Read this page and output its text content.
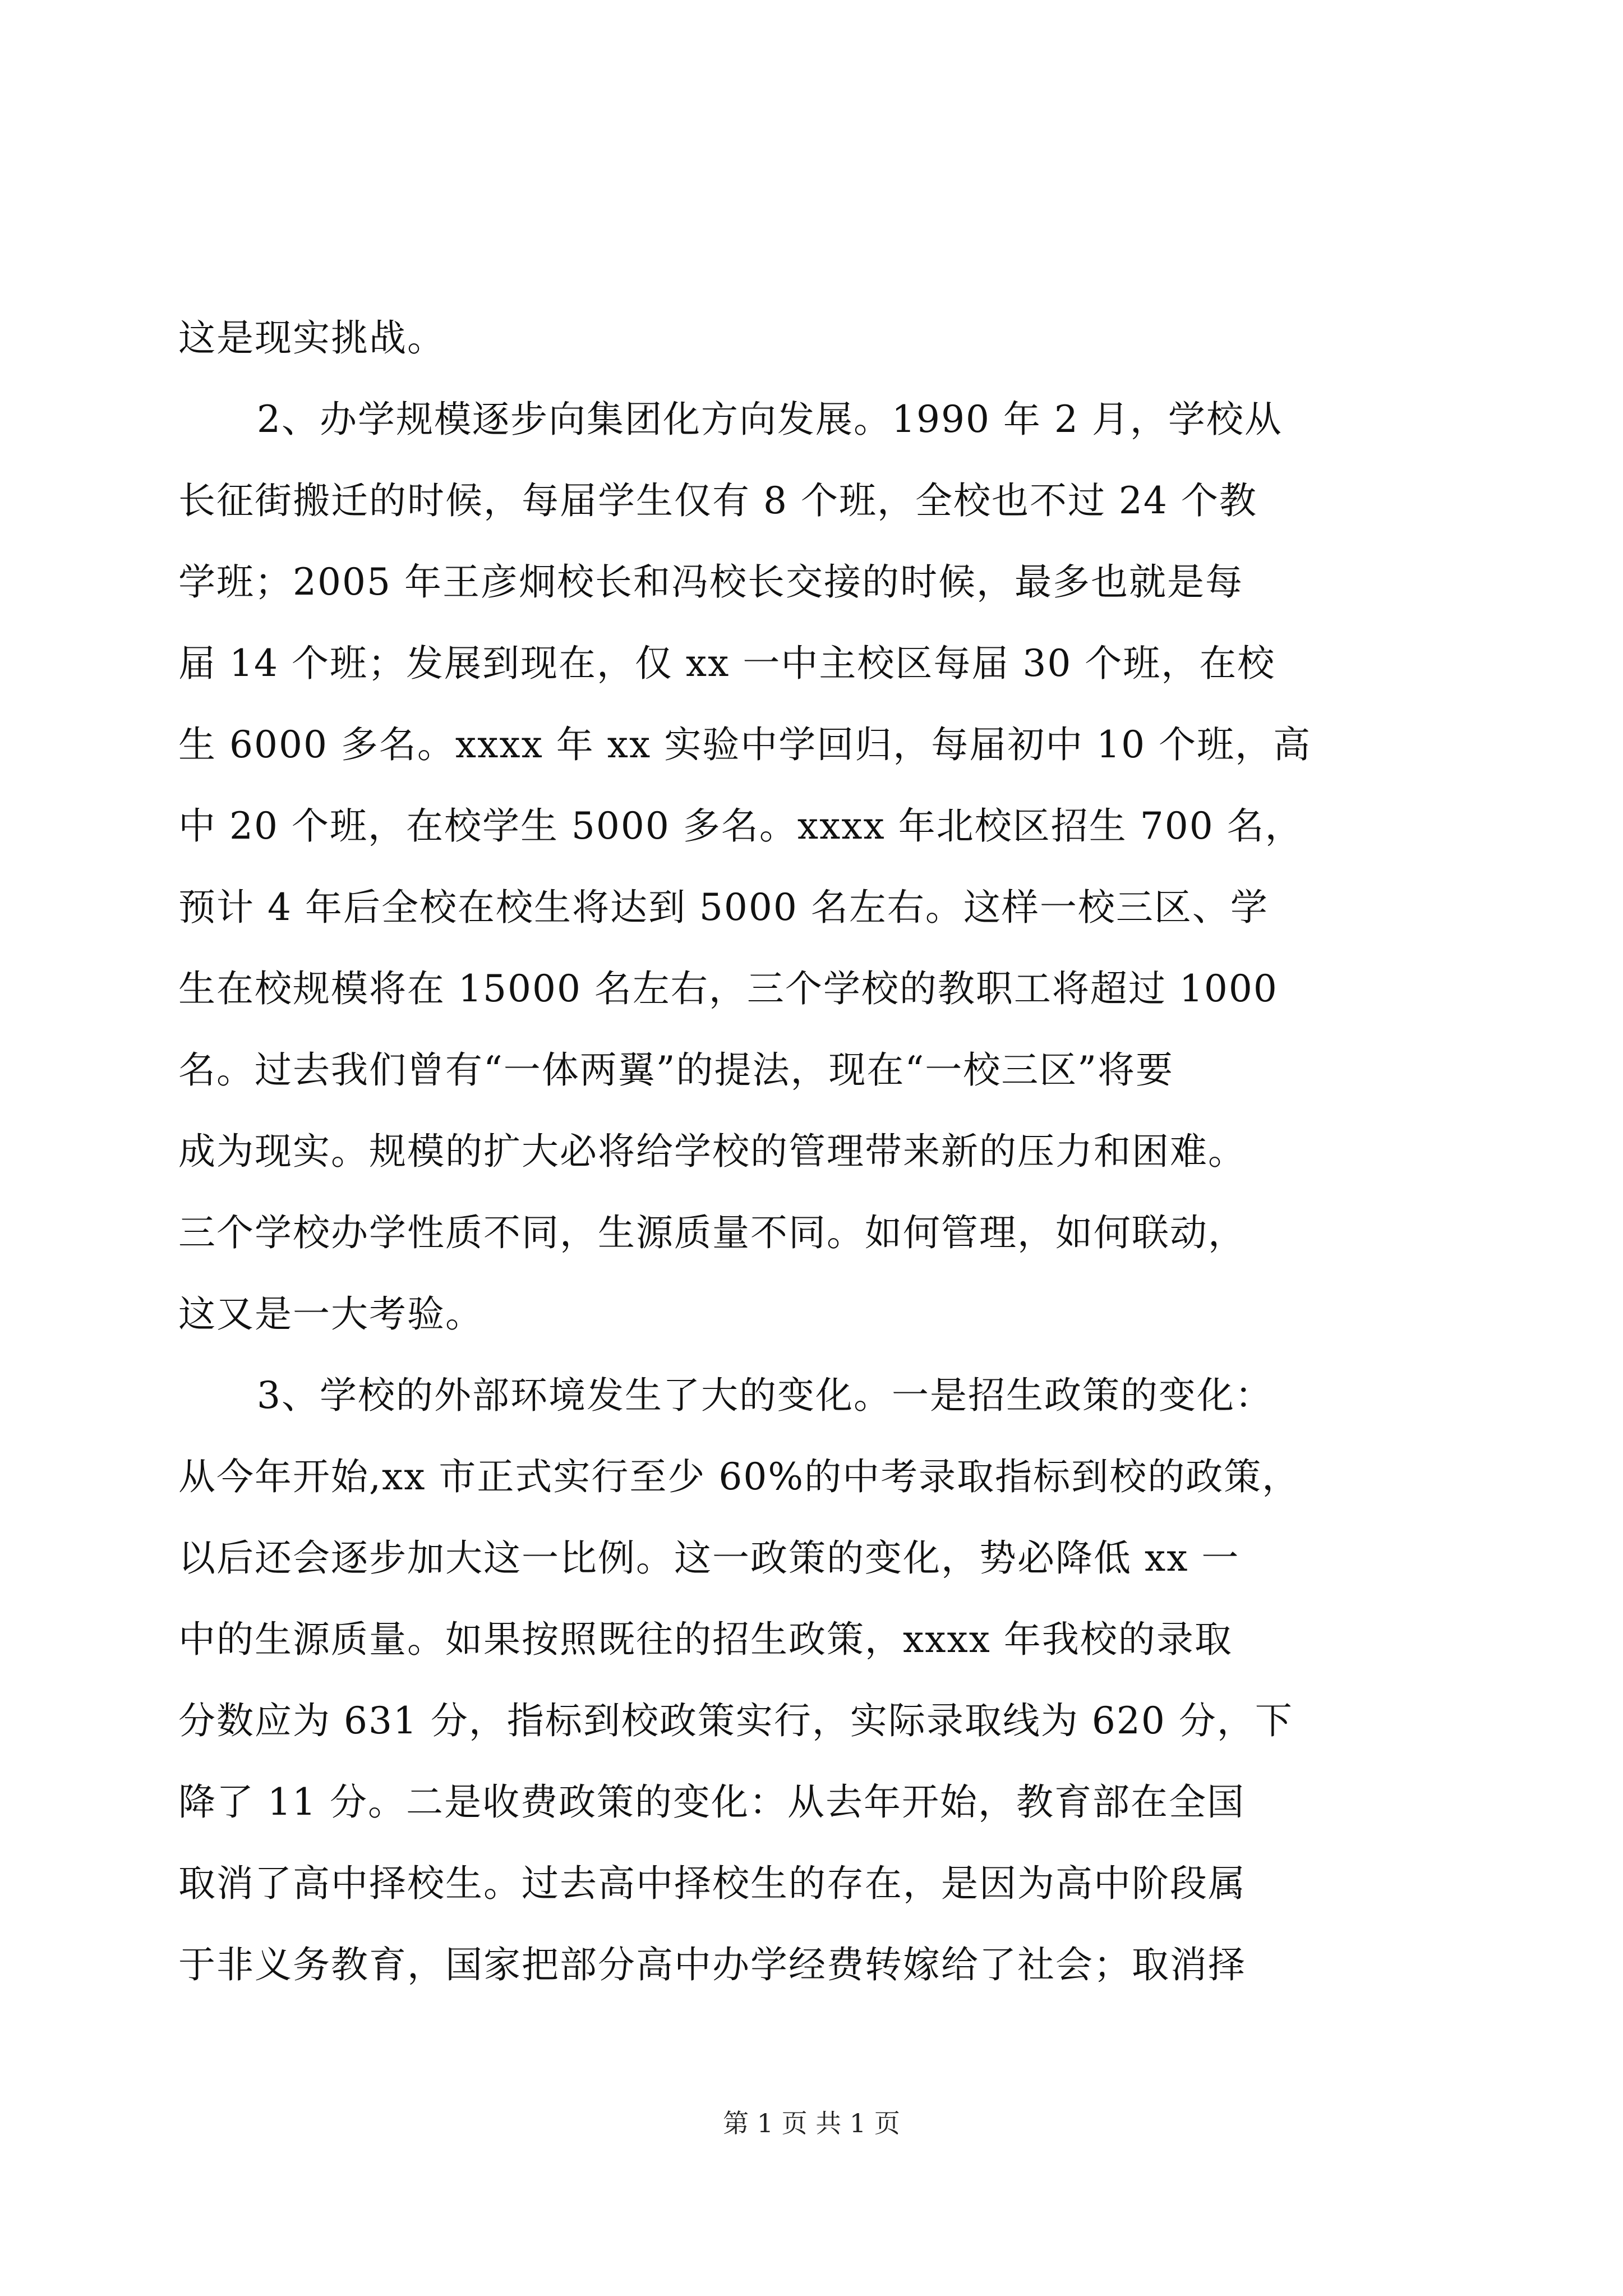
这是现实挑战。
2、办学规模逐步向集团化方向发展。1990 年 2 月，学校从
长征街搬迁的时候，每届学生仅有 8 个班，全校也不过 24 个教
学班；2005 年王彦炯校长和冯校长交接的时候，最多也就是每
届 14 个班；发展到现在，仅 xx 一中主校区每届 30 个班，在校
生 6000 多名。xxxx 年 xx 实验中学回归，每届初中 10 个班，高
中 20 个班，在校学生 5000 多名。xxxx 年北校区招生 700 名，
预计 4 年后全校在校生将达到 5000 名左右。这样一校三区、学
生在校规模将在 15000 名左右，三个学校的教职工将超过 1000
名。过去我们曾有“一体两翼”的提法，现在“一校三区”将要
成为现实。规模的扩大必将给学校的管理带来新的压力和困难。
三个学校办学性质不同，生源质量不同。如何管理，如何联动，
这又是一大考验。
3、学校的外部环境发生了大的变化。一是招生政策的变化：
从今年开始,xx 市正式实行至少 60%的中考录取指标到校的政策，
以后还会逐步加大这一比例。这一政策的变化，势必降低 xx 一
中的生源质量。如果按照既往的招生政策，xxxx 年我校的录取
分数应为 631 分，指标到校政策实行，实际录取线为 620 分，下
降了 11 分。二是收费政策的变化：从去年开始，教育部在全国
取消了高中择校生。过去高中择校生的存在，是因为高中阶段属
于非义务教育，国家把部分高中办学经费转嫁给了社会；取消择
第 1 页 共 1 页
